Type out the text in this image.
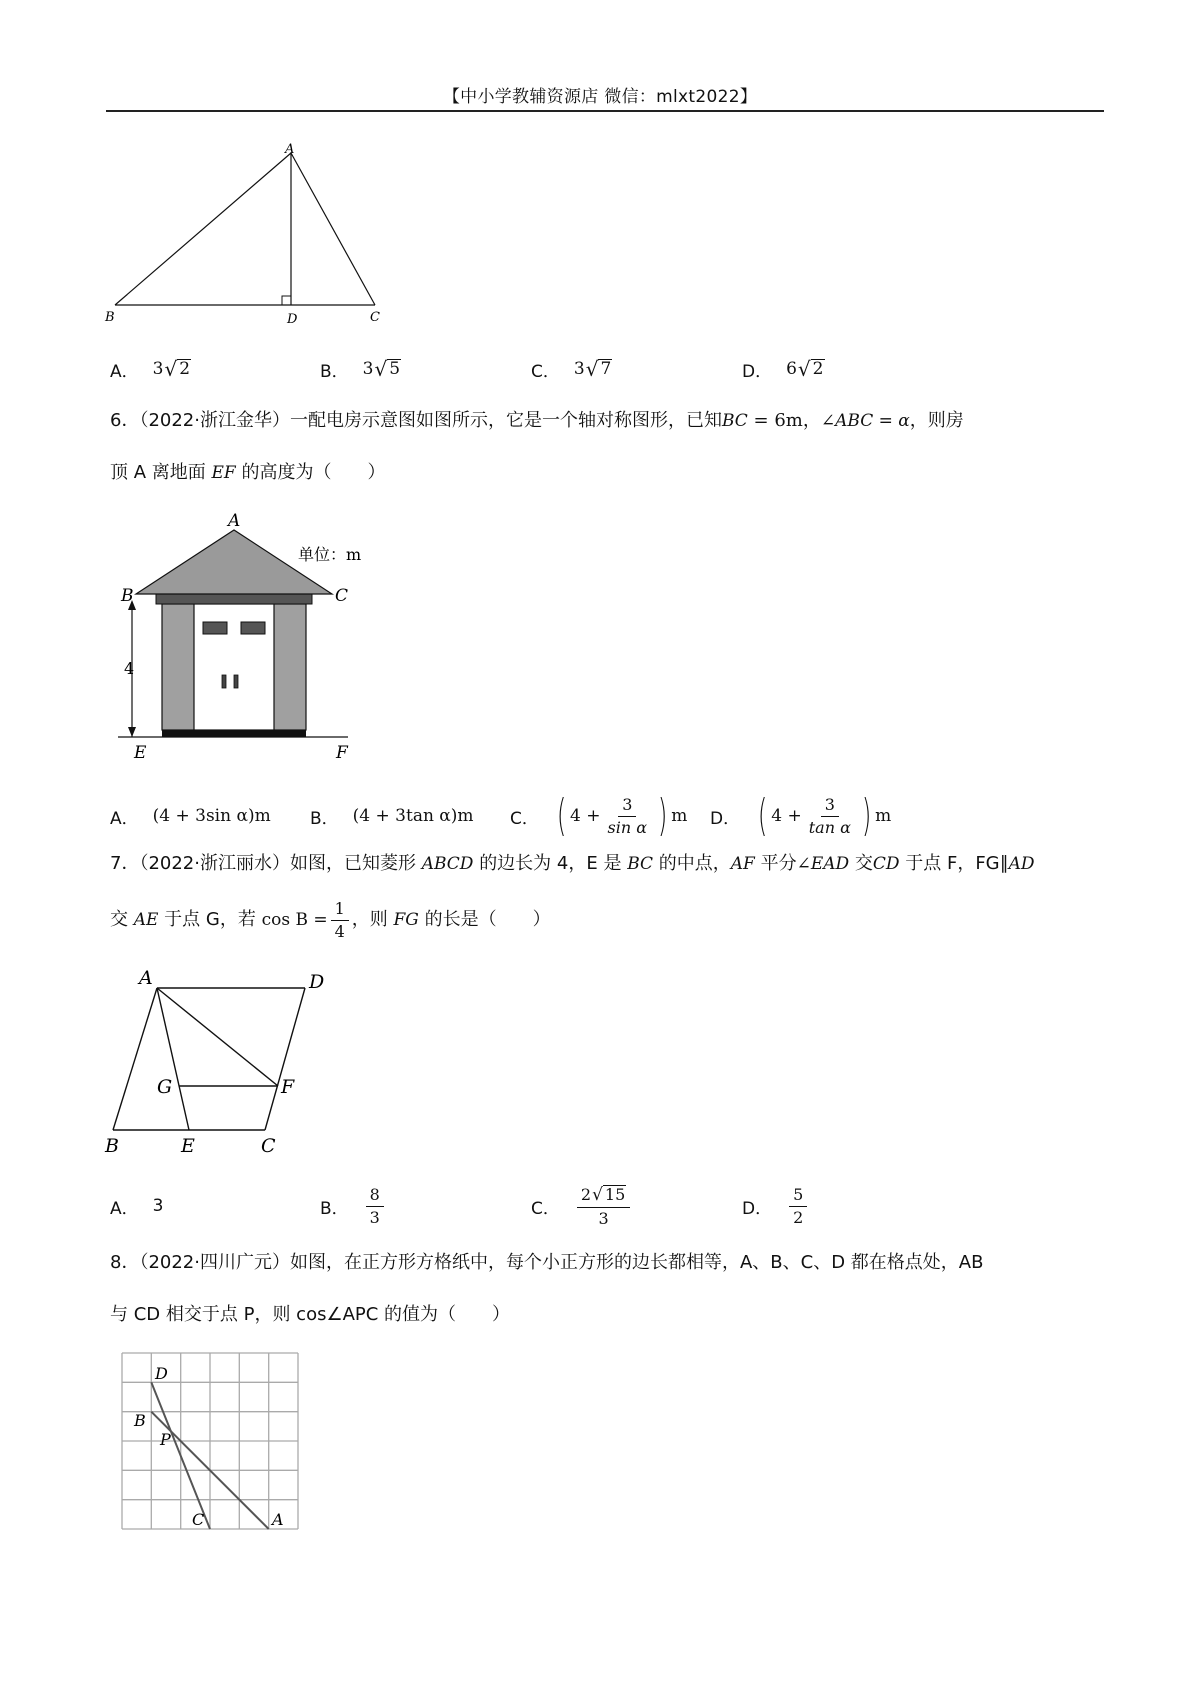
【中小学教辅资源店 微信：mlxt2022】
A
B	D	C
A． 3 √ 2	B． 3 √ 5	C． 3 √ 7	D． 6 √ 2
6．（2022·浙江金华）一配电房示意图如图所示，它是一个轴对称图形，已知BC = 6m，∠ABC = α，则房
顶 A 离地面 EF 的高度为（　　）
4
A
B	C
E	F
单位：m
A． (4 + 3sin α)m B． (4 + 3tan α)m C． ( $4 + \frac{3}{\text{sin α}}$ ) m D． ( $4 + \frac{3}{\text{tan α}}$ ) m
7．（2022·浙江丽水）如图，已知菱形 ABCD 的边长为 4，E 是 BC 的中点，AF 平分∠EAD 交CD 于点 F，FG∥AD
交
AE
于点 G，若
$\cos B = \frac{1}{4}$ ，则
FG
的长是（　　）
A	D
G	F
B	E	C
A． 3	B． $\frac{8}{3}$	C． $\frac{2√ 15}{3}$	D． $\frac{5}{2}$
8．（2022·四川广元）如图，在正方形方格纸中，每个小正方形的边长都相等，A、B、C、D 都在格点处，AB
与 CD 相交于点 P，则 cos∠APC 的值为（　　）
D
B
P
C	A
